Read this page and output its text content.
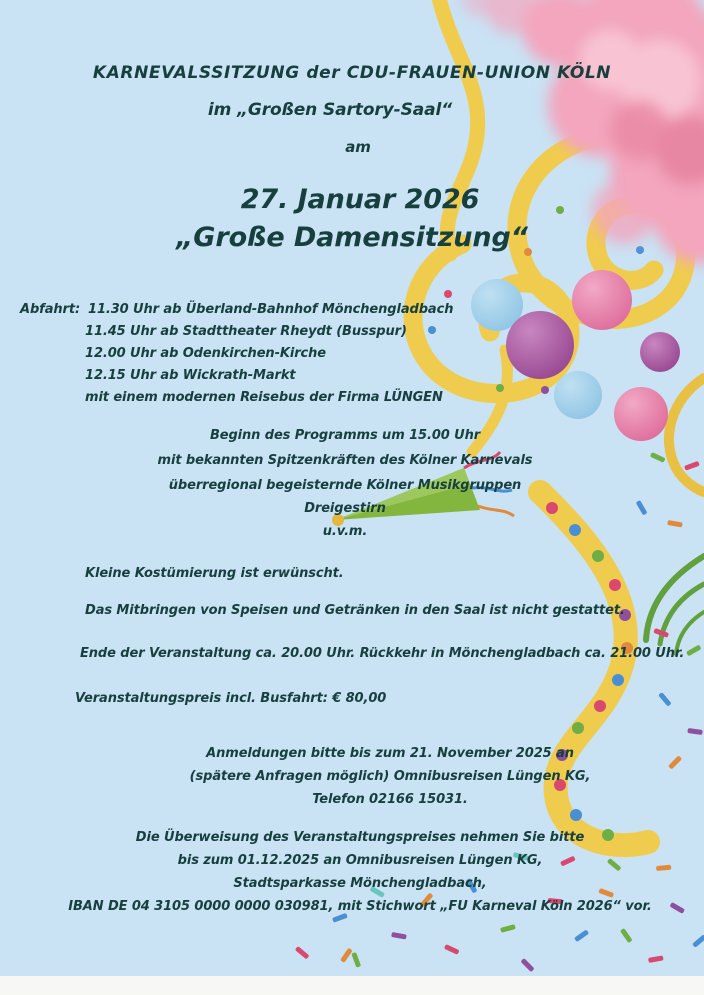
KARNEVALSSITZUNG der CDU-FRAUEN-UNION KÖLN
im „Großen Sartory-Saal“
am
27. Januar 2026
„Große Damensitzung“
Abfahrt: 11.30 Uhr ab Überland-Bahnhof Mönchengladbach
11.45 Uhr ab Stadttheater Rheydt (Busspur)
12.00 Uhr ab Odenkirchen-Kirche
12.15 Uhr ab Wickrath-Markt
mit einem modernen Reisebus der Firma LÜNGEN
Beginn des Programms um 15.00 Uhr
mit bekannten Spitzenkräften des Kölner Karnevals
überregional begeisternde Kölner Musikgruppen
Dreigestirn
u.v.m.
Kleine Kostümierung ist erwünscht.
Das Mitbringen von Speisen und Getränken in den Saal ist nicht gestattet.
Ende der Veranstaltung ca. 20.00 Uhr. Rückkehr in Mönchengladbach ca. 21.00 Uhr.
Veranstaltungspreis incl. Busfahrt: € 80,00
Anmeldungen bitte bis zum 21. November 2025 an
(spätere Anfragen möglich) Omnibusreisen Lüngen KG,
Telefon 02166 15031.
Die Überweisung des Veranstaltungspreises nehmen Sie bitte
bis zum 01.12.2025 an Omnibusreisen Lüngen KG,
Stadtsparkasse Mönchengladbach,
IBAN DE 04 3105 0000 0000 030981, mit Stichwort „FU Karneval Köln 2026“ vor.
